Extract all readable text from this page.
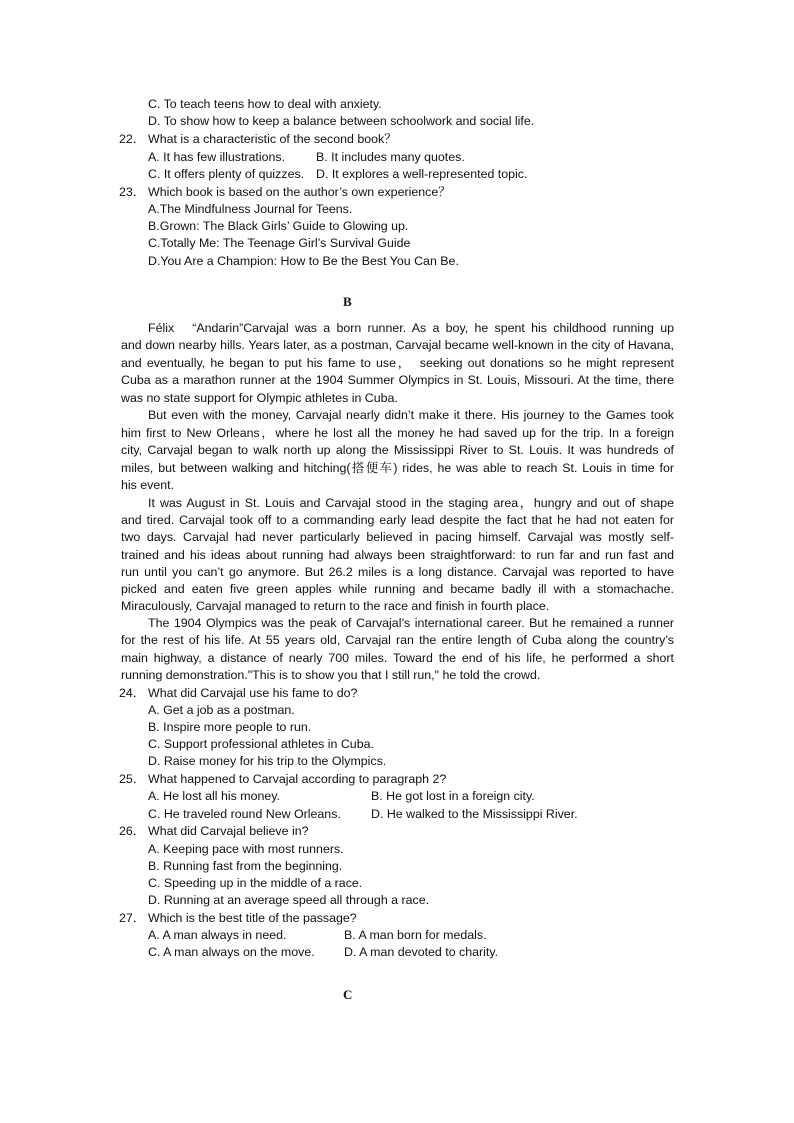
C. To teach teens how to deal with anxiety.
D. To show how to keep a balance between schoolwork and social life.
22． What is a characteristic of the second book？
A. It has few illustrations. B. It includes many quotes.
C. It offers plenty of quizzes. D. It explores a well-represented topic.
23． Which book is based on the author’s own experience？
A.The Mindfulness Journal for Teens.
B.Grown: The Black Girls’ Guide to Glowing up.
C.Totally Me: The Teenage Girl’s Survival Guide
D.You Are a Champion: How to Be the Best You Can Be.
B
Félix　“Andarin”Carvajal was a born runner. As a boy, he spent his childhood running up
and down nearby hills. Years later, as a postman, Carvajal became well-known in the city of Havana,
and eventually, he began to put his fame to use，　seeking out donations so he might represent
Cuba as a marathon runner at the 1904 Summer Olympics in St. Louis, Missouri. At the time, there
was no state support for Olympic athletes in Cuba.
But even with the money, Carvajal nearly didn’t make it there. His journey to the Games took
him first to New Orleans，where he lost all the money he had saved up for the trip. In a foreign
city, Carvajal began to walk north up along the Mississippi River to St. Louis. It was hundreds of
miles, but between walking and hitching(搭便车) rides, he was able to reach St. Louis in time for
his event.
It was August in St. Louis and Carvajal stood in the staging area，hungry and out of shape
and tired. Carvajal took off to a commanding early lead despite the fact that he had not eaten for
two days. Carvajal had never particularly believed in pacing himself. Carvajal was mostly self-
trained and his ideas about running had always been straightforward: to run far and run fast and
run until you can’t go anymore. But 26.2 miles is a long distance. Carvajal was reported to have
picked and eaten five green apples while running and became badly ill with a stomachache.
Miraculously, Carvajal managed to return to the race and finish in fourth place.
The 1904 Olympics was the peak of Carvajal’s international career. But he remained a runner
for the rest of his life. At 55 years old, Carvajal ran the entire length of Cuba along the country’s
main highway, a distance of nearly 700 miles. Toward the end of his life, he performed a short
running demonstration."This is to show you that I still run," he told the crowd.
24． What did Carvajal use his fame to do?
A. Get a job as a postman.
B. Inspire more people to run.
C. Support professional athletes in Cuba.
D. Raise money for his trip to the Olympics.
25． What happened to Carvajal according to paragraph 2?
A. He lost all his money.	B. He got lost in a foreign city.
C. He traveled round New Orleans. D. He walked to the Mississippi River.
26． What did Carvajal believe in?
A. Keeping pace with most runners.
B. Running fast from the beginning.
C. Speeding up in the middle of a race.
D. Running at an average speed all through a race.
27． Which is the best title of the passage?
A. A man always in need.	B. A man born for medals.
C. A man always on the move. D. A man devoted to charity.
C
